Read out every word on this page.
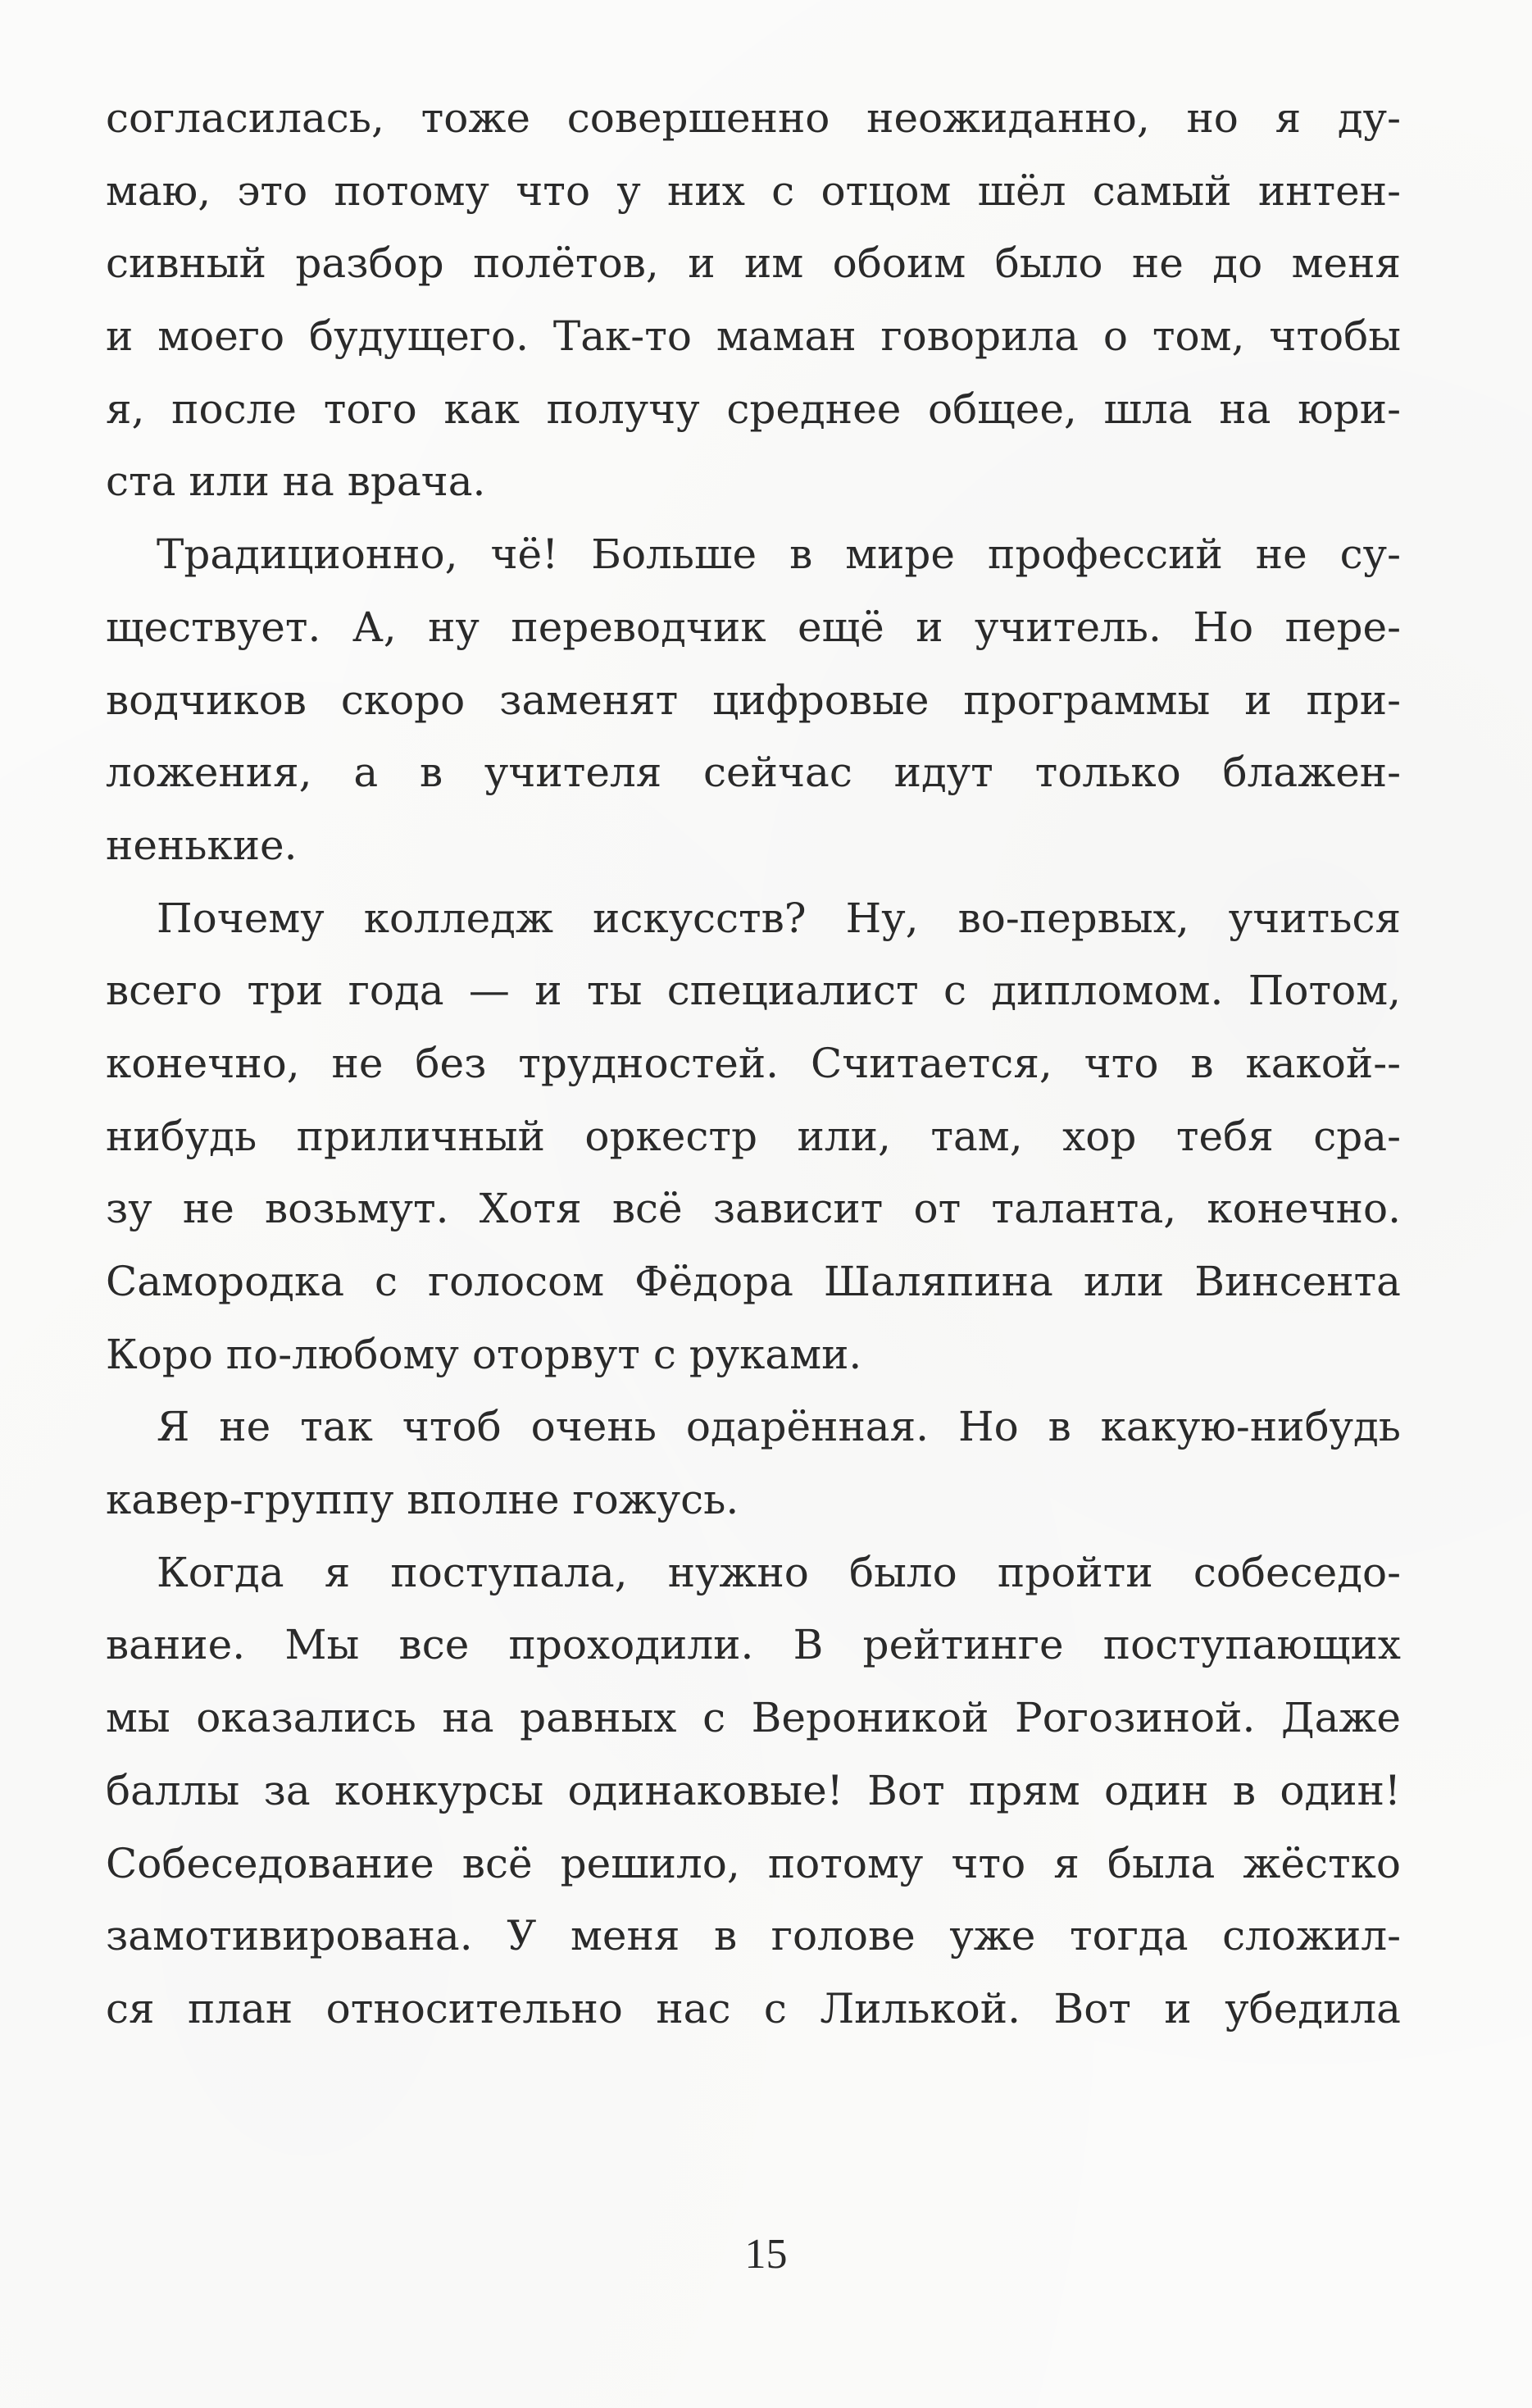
согласилась, тоже совершенно неожиданно, но я ду-
маю, это потому что у них с отцом шёл самый интен-
сивный разбор полётов, и им обоим было не до меня
и моего будущего. Так-то маман говорила о том, чтобы
я, после того как получу среднее общее, шла на юри-
ста или на врача.
Традиционно, чё! Больше в мире профессий не су-
ществует. А, ну переводчик ещё и учитель. Но пере-
водчиков скоро заменят цифровые программы и при-
ложения, а в учителя сейчас идут только блажен-
ненькие.
Почему колледж искусств? Ну, во-первых, учиться
всего три года — и ты специалист с дипломом. Потом,
конечно, не без трудностей. Считается, что в какой--
нибудь приличный оркестр или, там, хор тебя сра-
зу не возьмут. Хотя всё зависит от таланта, конечно.
Самородка с голосом Фёдора Шаляпина или Винсента
Коро по-любому оторвут с руками.
Я не так чтоб очень одарённая. Но в какую-нибудь
кавер-группу вполне гожусь.
Когда я поступала, нужно было пройти собеседо-
вание. Мы все проходили. В рейтинге поступающих
мы оказались на равных с Вероникой Рогозиной. Даже
баллы за конкурсы одинаковые! Вот прям один в один!
Собеседование всё решило, потому что я была жёстко
замотивирована. У меня в голове уже тогда сложил-
ся план относительно нас с Лилькой. Вот и убедила
15
